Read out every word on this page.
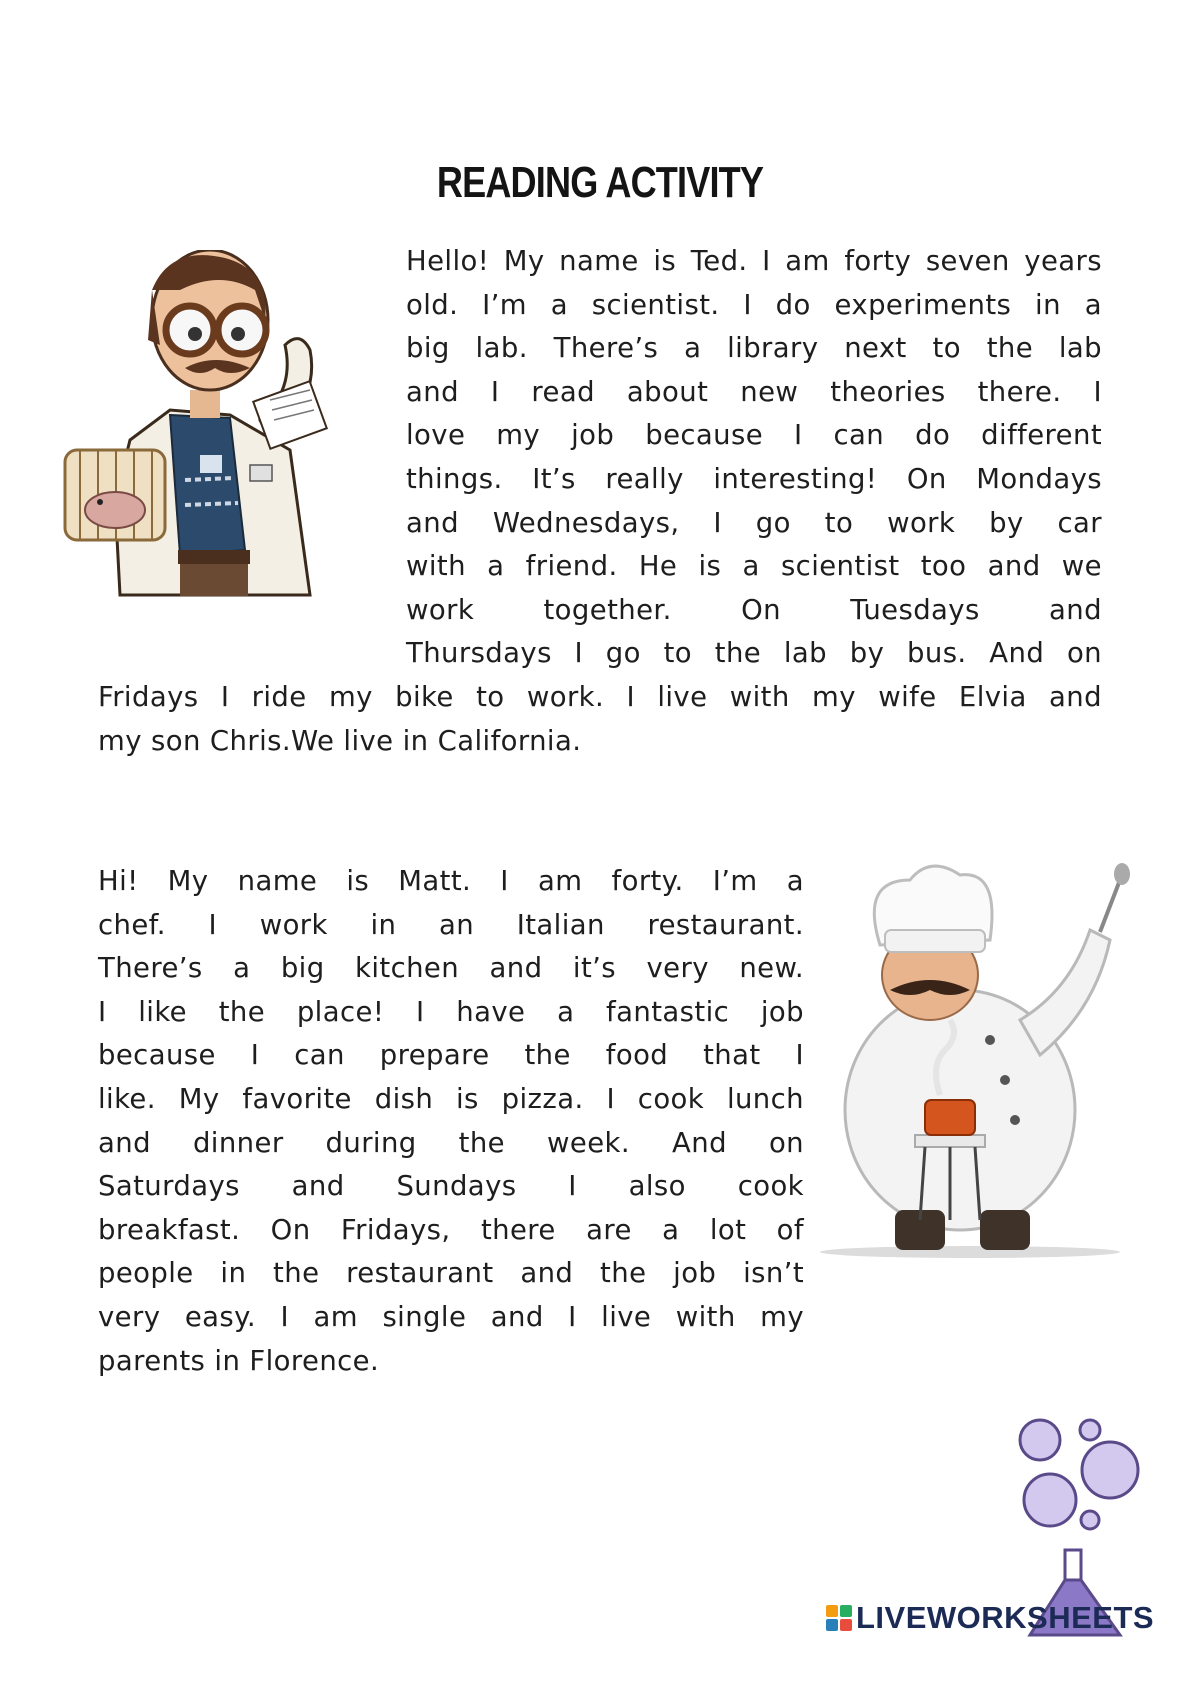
READING ACTIVITY
Hello! My name is Ted. I am forty seven years
old. I’m a scientist. I do experiments in a
big lab. There’s a library next to the lab
and I read about new theories there. I
love my job because I can do different
things. It’s really interesting! On Mondays
and Wednesdays, I go to work by car
with a friend. He is a scientist too and we
work together. On Tuesdays and
Thursdays I go to the lab by bus. And on
Fridays I ride my bike to work. I live with my wife Elvia and
my son Chris.We live in California.
Hi! My name is Matt. I am forty. I’m a
chef. I work in an Italian restaurant.
There’s a big kitchen and it’s very new.
I like the place! I have a fantastic job
because I can prepare the food that I
like. My favorite dish is pizza. I cook lunch
and dinner during the week. And on
Saturdays and Sundays I also cook
breakfast. On Fridays, there are a lot of
people in the restaurant and the job isn’t
very easy. I am single and I live with my
parents in Florence.
LIVEWORKSHEETS
